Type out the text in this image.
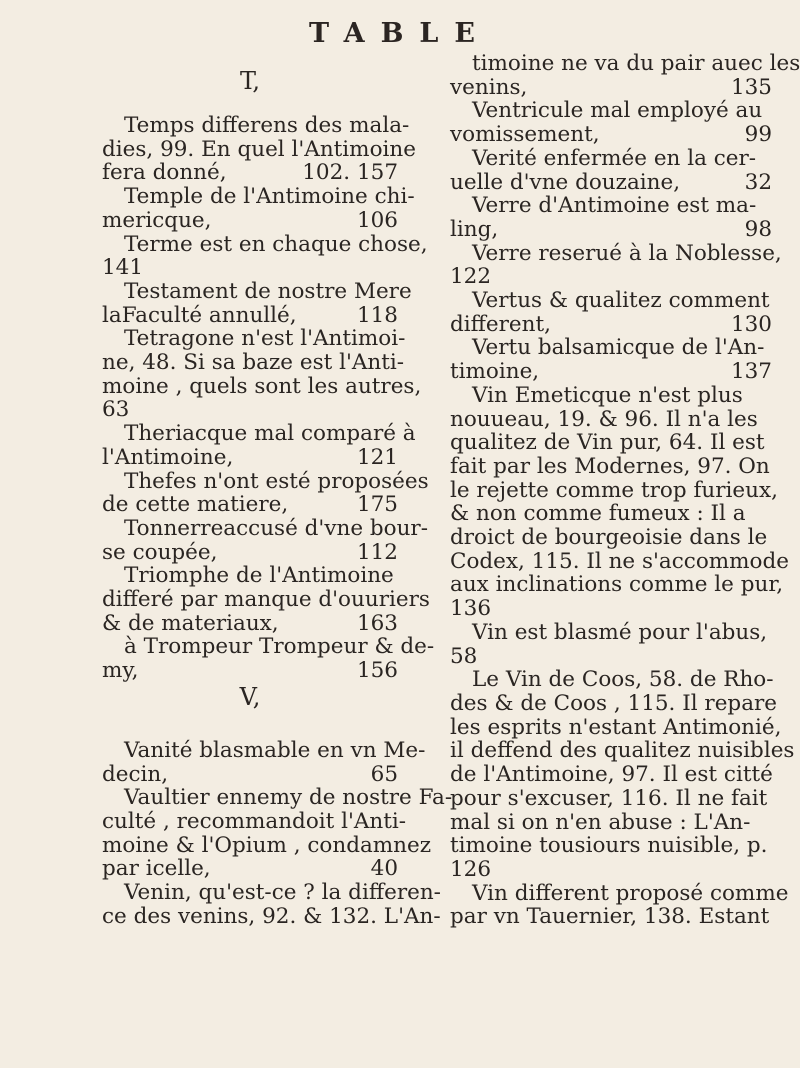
TABLE
T,
Temps differens des mala-
dies, 99. En quel l'Antimoine
fera donné,	102. 157
Temple de l'Antimoine chi-
mericque,	106
Terme est en chaque chose,
141
Testament de nostre Mere
laFaculté annullé,	118
Tetragone n'est l'Antimoi-
ne, 48. Si sa baze est l'Anti-
moine , quels sont les autres,
63
Theriacque mal comparé à
l'Antimoine,	121
Thefes n'ont esté proposées
de cette matiere,	175
Tonnerreaccusé d'vne bour-
se coupée,	112
Triomphe de l'Antimoine
differé par manque d'ouuriers
& de materiaux,	163
à Trompeur Trompeur & de-
my,	156
V,
Vanité blasmable en vn Me-
decin,	65
Vaultier ennemy de nostre Fa-
culté , recommandoit l'Anti-
moine & l'Opium , condamnez
par icelle,	40
Venin, qu'est-ce ? la differen-
ce des venins, 92. & 132. L'An-
timoine ne va du pair auec les
venins,	135
Ventricule mal employé au
vomissement,	99
Verité enfermée en la cer-
uelle d'vne douzaine,	32
Verre d'Antimoine est ma-
ling,	98
Verre reserué à la Noblesse,
122
Vertus & qualitez comment
different,	130
Vertu balsamicque de l'An-
timoine,	137
Vin Emeticque n'est plus
nouueau, 19. & 96. Il n'a les
qualitez de Vin pur, 64. Il est
fait par les Modernes, 97. On
le rejette comme trop furieux,
& non comme fumeux : Il a
droict de bourgeoisie dans le
Codex, 115. Il ne s'accommode
aux inclinations comme le pur,
136
Vin est blasmé pour l'abus,
58
Le Vin de Coos, 58. de Rho-
des & de Coos , 115. Il repare
les esprits n'estant Antimonié,
il deffend des qualitez nuisibles
de l'Antimoine, 97. Il est citté
pour s'excuser, 116. Il ne fait
mal si on n'en abuse : L'An-
timoine tousiours nuisible, p.
126
Vin different proposé comme
par vn Tauernier, 138. Estant
